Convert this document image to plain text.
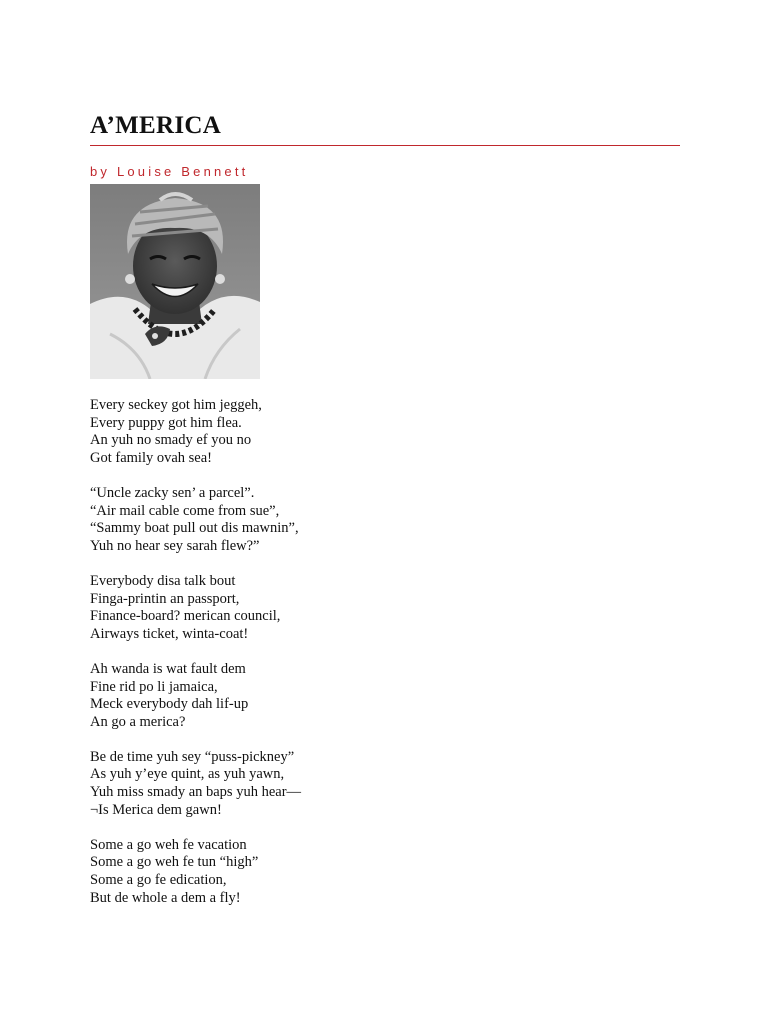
A’MERICA
by Louise Bennett
Every seckey got him jeggeh,
Every puppy got him flea.
An yuh no smady ef you no
Got family ovah sea!
“Uncle zacky sen’ a parcel”.
“Air mail cable come from sue”,
“Sammy boat pull out dis mawnin”,
Yuh no hear sey sarah flew?”
Everybody disa talk bout
Finga-printin an passport,
Finance-board? merican council,
Airways ticket, winta-coat!
Ah wanda is wat fault dem
Fine rid po li jamaica,
Meck everybody dah lif-up
An go a merica?
Be de time yuh sey “puss-pickney”
As yuh y’eye quint, as yuh yawn,
Yuh miss smady an baps yuh hear—
¬Is Merica dem gawn!
Some a go weh fe vacation
Some a go weh fe tun “high”
Some a go fe edication,
But de whole a dem a fly!
